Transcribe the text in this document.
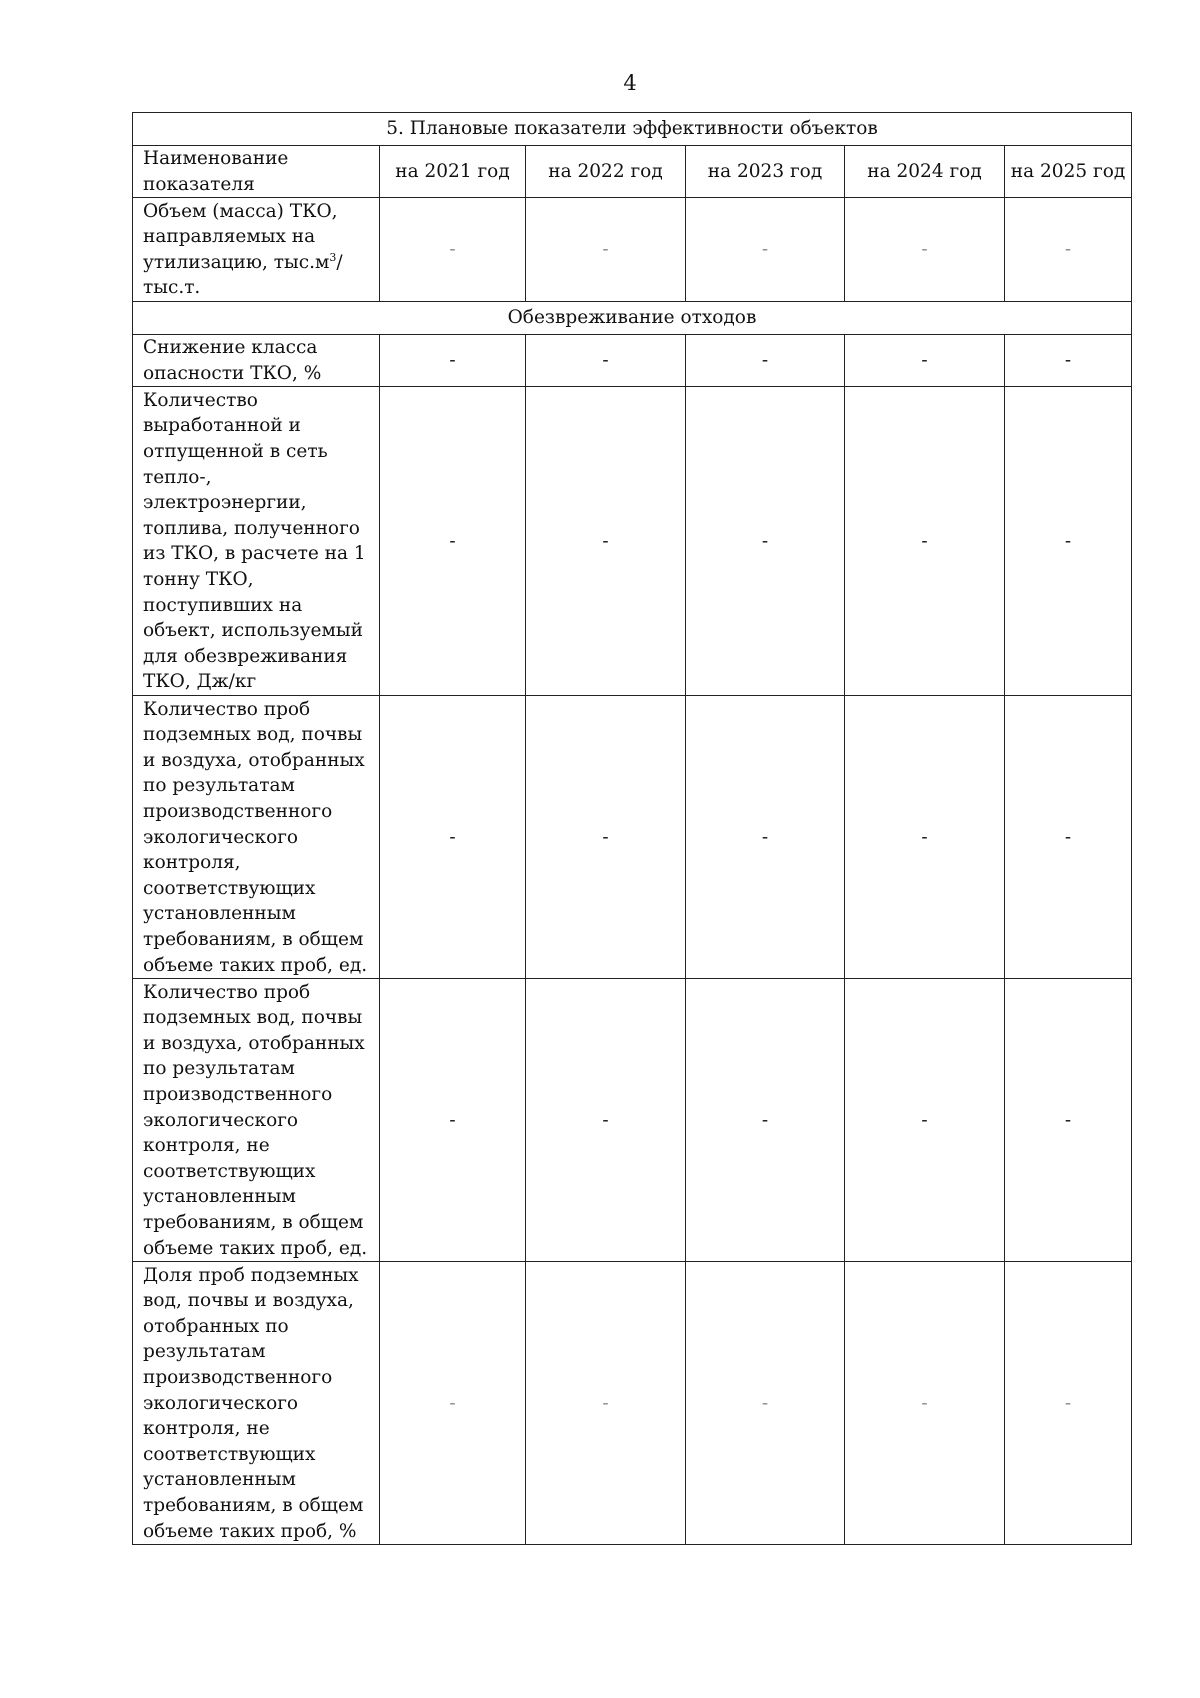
4
5. Плановые показатели эффективности объектов					
Наименование показателя	на 2021 год	на 2022 год	на 2023 год	на 2024 год	на 2025 год
Объем (масса) ТКО, направляемых на утилизацию, $тыс.м^3/тыс.т$.	-	-	-	-	-
Обезвреживание отходов					
Снижение класса опасности ТКО, %	-	-	-	-	-
Количество выработанной и отпущенной в сеть тепло-, электроэнергии, топлива, полученного из ТКО, в расчете на 1 тонну ТКО, поступивших на объект, используемый для обезвреживания ТКО, Дж/кг	-	-	-	-	-
Количество проб подземных вод, почвы и воздуха, отобранных по результатам производственного экологического контроля, соответствующих установленным требованиям, в общем объеме таких проб, ед.	-	-	-	-	-
Количество проб подземных вод, почвы и воздуха, отобранных по результатам производственного экологического контроля, не соответствующих установленным требованиям, в общем объеме таких проб, ед.	-	-	-	-	-
Доля проб подземных вод, почвы и воздуха, отобранных по результатам производственного экологического контроля, не соответствующих установленным требованиям, в общем объеме таких проб, %	-	-	-	-	-
